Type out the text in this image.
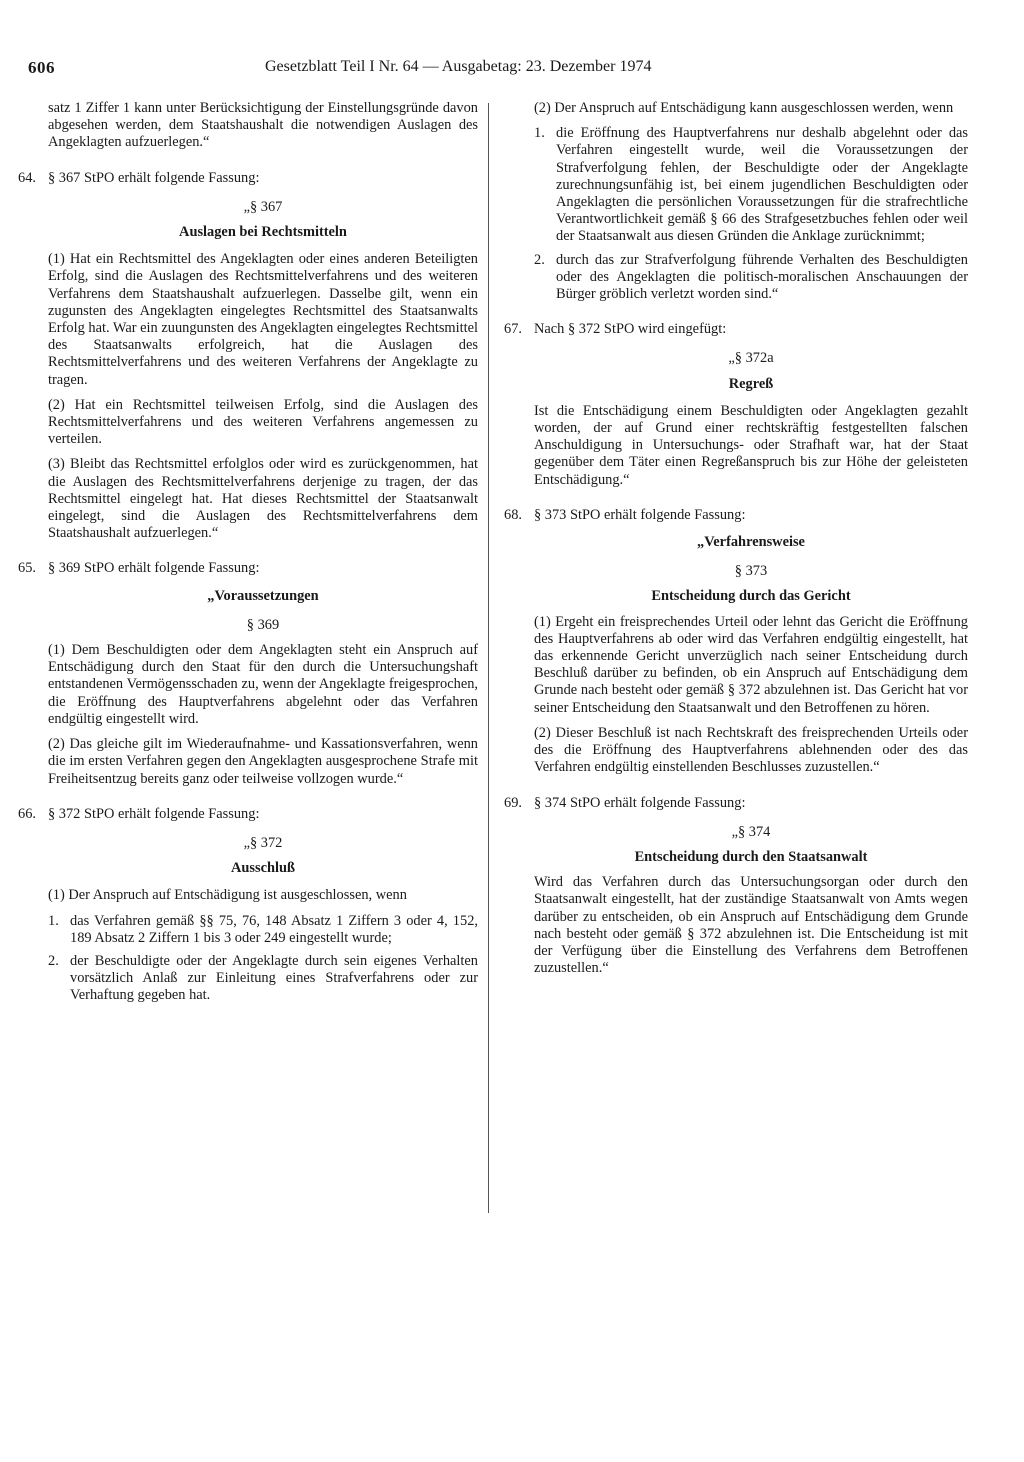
606	Gesetzblatt Teil I Nr. 64 — Ausgabetag: 23. Dezember 1974

satz 1 Ziffer 1 kann unter Berücksichtigung der Einstellungsgründe davon abgesehen werden, dem Staatshaushalt die notwendigen Auslagen des Angeklagten aufzuerlegen.“

64. § 367 StPO erhält folgende Fassung:
„§ 367
Auslagen bei Rechtsmitteln

(1) Hat ein Rechtsmittel des Angeklagten oder eines anderen Beteiligten Erfolg, sind die Auslagen des Rechtsmittelverfahrens und des weiteren Verfahrens dem Staatshaushalt aufzuerlegen. Dasselbe gilt, wenn ein zugunsten des Angeklagten eingelegtes Rechtsmittel des Staatsanwalts Erfolg hat. War ein zuungunsten des Angeklagten eingelegtes Rechtsmittel des Staatsanwalts erfolgreich, hat die Auslagen des Rechtsmittelverfahrens und des weiteren Verfahrens der Angeklagte zu tragen.

(2) Hat ein Rechtsmittel teilweisen Erfolg, sind die Auslagen des Rechtsmittelverfahrens und des weiteren Verfahrens angemessen zu verteilen.

(3) Bleibt das Rechtsmittel erfolglos oder wird es zurückgenommen, hat die Auslagen des Rechtsmittelverfahrens derjenige zu tragen, der das Rechtsmittel eingelegt hat. Hat dieses Rechtsmittel der Staatsanwalt eingelegt, sind die Auslagen des Rechtsmittelverfahrens dem Staatshaushalt aufzuerlegen.“

65. § 369 StPO erhält folgende Fassung:
„Voraussetzungen
§ 369

(1) Dem Beschuldigten oder dem Angeklagten steht ein Anspruch auf Entschädigung durch den Staat für den durch die Untersuchungshaft entstandenen Vermögensschaden zu, wenn der Angeklagte freigesprochen, die Eröffnung des Hauptverfahrens abgelehnt oder das Verfahren endgültig eingestellt wird.

(2) Das gleiche gilt im Wiederaufnahme- und Kassationsverfahren, wenn die im ersten Verfahren gegen den Angeklagten ausgesprochene Strafe mit Freiheitsentzug bereits ganz oder teilweise vollzogen wurde.“

66. § 372 StPO erhält folgende Fassung:
„§ 372
Ausschluß

(1) Der Anspruch auf Entschädigung ist ausgeschlossen, wenn

1. das Verfahren gemäß §§ 75, 76, 148 Absatz 1 Ziffern 3 oder 4, 152, 189 Absatz 2 Ziffern 1 bis 3 oder 249 eingestellt wurde;
2. der Beschuldigte oder der Angeklagte durch sein eigenes Verhalten vorsätzlich Anlaß zur Einleitung eines Strafverfahrens oder zur Verhaftung gegeben hat.

(2) Der Anspruch auf Entschädigung kann ausgeschlossen werden, wenn

1. die Eröffnung des Hauptverfahrens nur deshalb abgelehnt oder das Verfahren eingestellt wurde, weil die Voraussetzungen der Strafverfolgung fehlen, der Beschuldigte oder der Angeklagte zurechnungsunfähig ist, bei einem jugendlichen Beschuldigten oder Angeklagten die persönlichen Voraussetzungen für die strafrechtliche Verantwortlichkeit gemäß § 66 des Strafgesetzbuches fehlen oder weil der Staatsanwalt aus diesen Gründen die Anklage zurücknimmt;
2. durch das zur Strafverfolgung führende Verhalten des Beschuldigten oder des Angeklagten die politisch-moralischen Anschauungen der Bürger gröblich verletzt worden sind.“
67. Nach § 372 StPO wird eingefügt:
„§ 372a
Regreß

Ist die Entschädigung einem Beschuldigten oder Angeklagten gezahlt worden, der auf Grund einer rechtskräftig festgestellten falschen Anschuldigung in Untersuchungs- oder Strafhaft war, hat der Staat gegenüber dem Täter einen Regreßanspruch bis zur Höhe der geleisteten Entschädigung.“

68. § 373 StPO erhält folgende Fassung:
„Verfahrensweise
§ 373
Entscheidung durch das Gericht

(1) Ergeht ein freisprechendes Urteil oder lehnt das Gericht die Eröffnung des Hauptverfahrens ab oder wird das Verfahren endgültig eingestellt, hat das erkennende Gericht unverzüglich nach seiner Entscheidung durch Beschluß darüber zu befinden, ob ein Anspruch auf Entschädigung dem Grunde nach besteht oder gemäß § 372 abzulehnen ist. Das Gericht hat vor seiner Entscheidung den Staatsanwalt und den Betroffenen zu hören.

(2) Dieser Beschluß ist nach Rechtskraft des freisprechenden Urteils oder des die Eröffnung des Hauptverfahrens ablehnenden oder des das Verfahren endgültig einstellenden Beschlusses zuzustellen.“

69. § 374 StPO erhält folgende Fassung:
„§ 374
Entscheidung durch den Staatsanwalt

Wird das Verfahren durch das Untersuchungsorgan oder durch den Staatsanwalt eingestellt, hat der zuständige Staatsanwalt von Amts wegen darüber zu entscheiden, ob ein Anspruch auf Entschädigung dem Grunde nach besteht oder gemäß § 372 abzulehnen ist. Die Entscheidung ist mit der Verfügung über die Einstellung des Verfahrens dem Betroffenen zuzustellen.“
